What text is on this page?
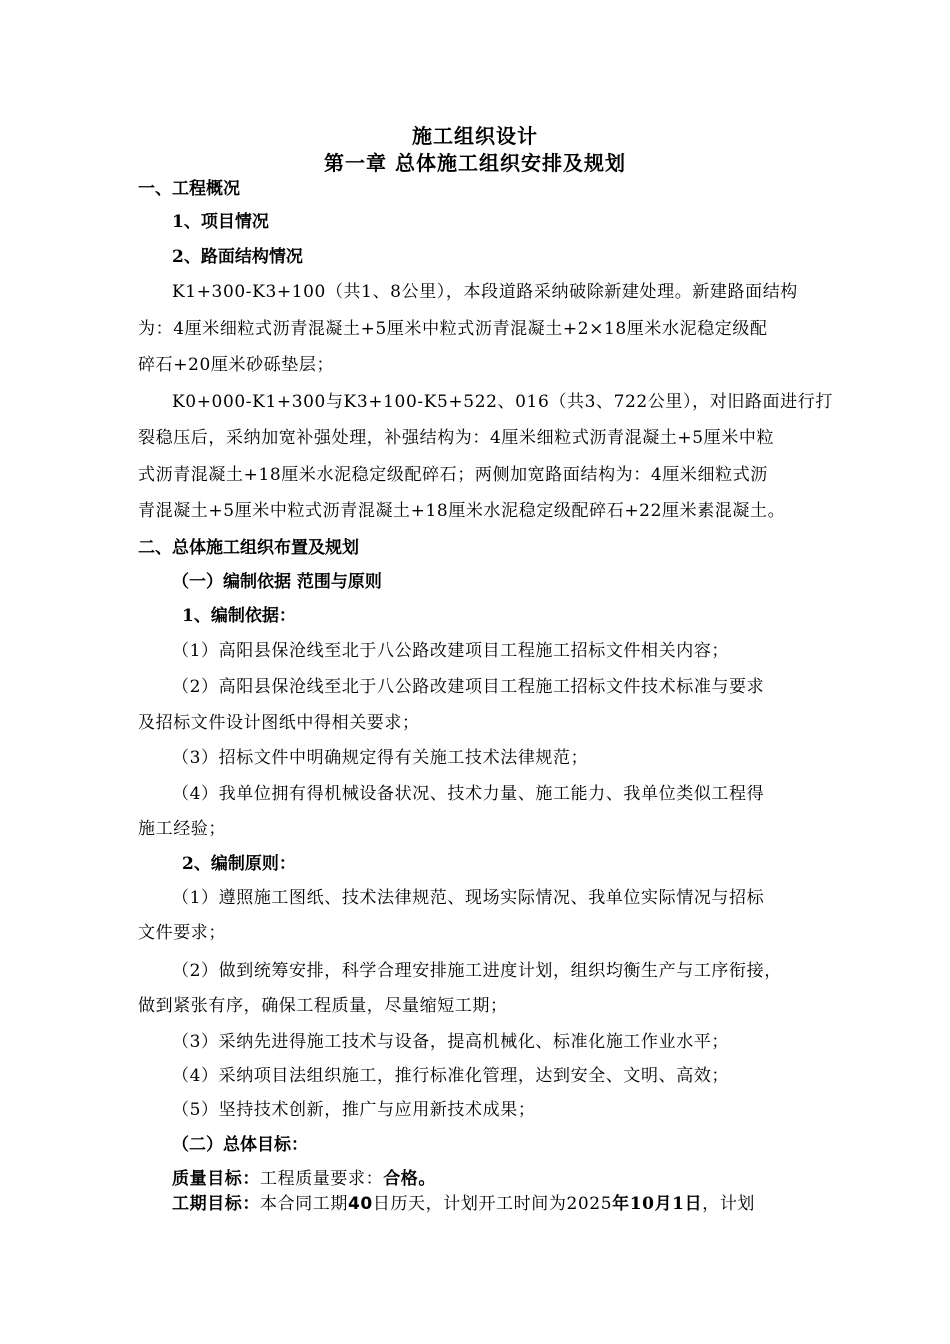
施工组织设计
第一章 总体施工组织安排及规划
一、工程概况
1、项目情况
2、路面结构情况
K1+300-K3+100（共1、8公里），本段道路采纳破除新建处理。新建路面结构
为：4厘米细粒式沥青混凝土+5厘米中粒式沥青混凝土+2×18厘米水泥稳定级配
碎石+20厘米砂砾垫层；
K0+000-K1+300与K3+100-K5+522、016（共3、722公里），对旧路面进行打
裂稳压后，采纳加宽补强处理，补强结构为：4厘米细粒式沥青混凝土+5厘米中粒
式沥青混凝土+18厘米水泥稳定级配碎石；两侧加宽路面结构为：4厘米细粒式沥
青混凝土+5厘米中粒式沥青混凝土+18厘米水泥稳定级配碎石+22厘米素混凝土。
二、总体施工组织布置及规划
（一）编制依据 范围与原则
1、编制依据：
（1）高阳县保沧线至北于八公路改建项目工程施工招标文件相关内容；
（2）高阳县保沧线至北于八公路改建项目工程施工招标文件技术标准与要求
及招标文件设计图纸中得相关要求；
（3）招标文件中明确规定得有关施工技术法律规范；
（4）我单位拥有得机械设备状况、技术力量、施工能力、我单位类似工程得
施工经验；
2、编制原则：
（1）遵照施工图纸、技术法律规范、现场实际情况、我单位实际情况与招标
文件要求；
（2）做到统筹安排，科学合理安排施工进度计划，组织均衡生产与工序衔接，
做到紧张有序，确保工程质量，尽量缩短工期；
（3）采纳先进得施工技术与设备，提高机械化、标准化施工作业水平；
（4）采纳项目法组织施工，推行标准化管理，达到安全、文明、高效；
（5）坚持技术创新，推广与应用新技术成果；
（二）总体目标：
质量目标：工程质量要求：合格。
工期目标：本合同工期40日历天，计划开工时间为2025年10月1日，计划
